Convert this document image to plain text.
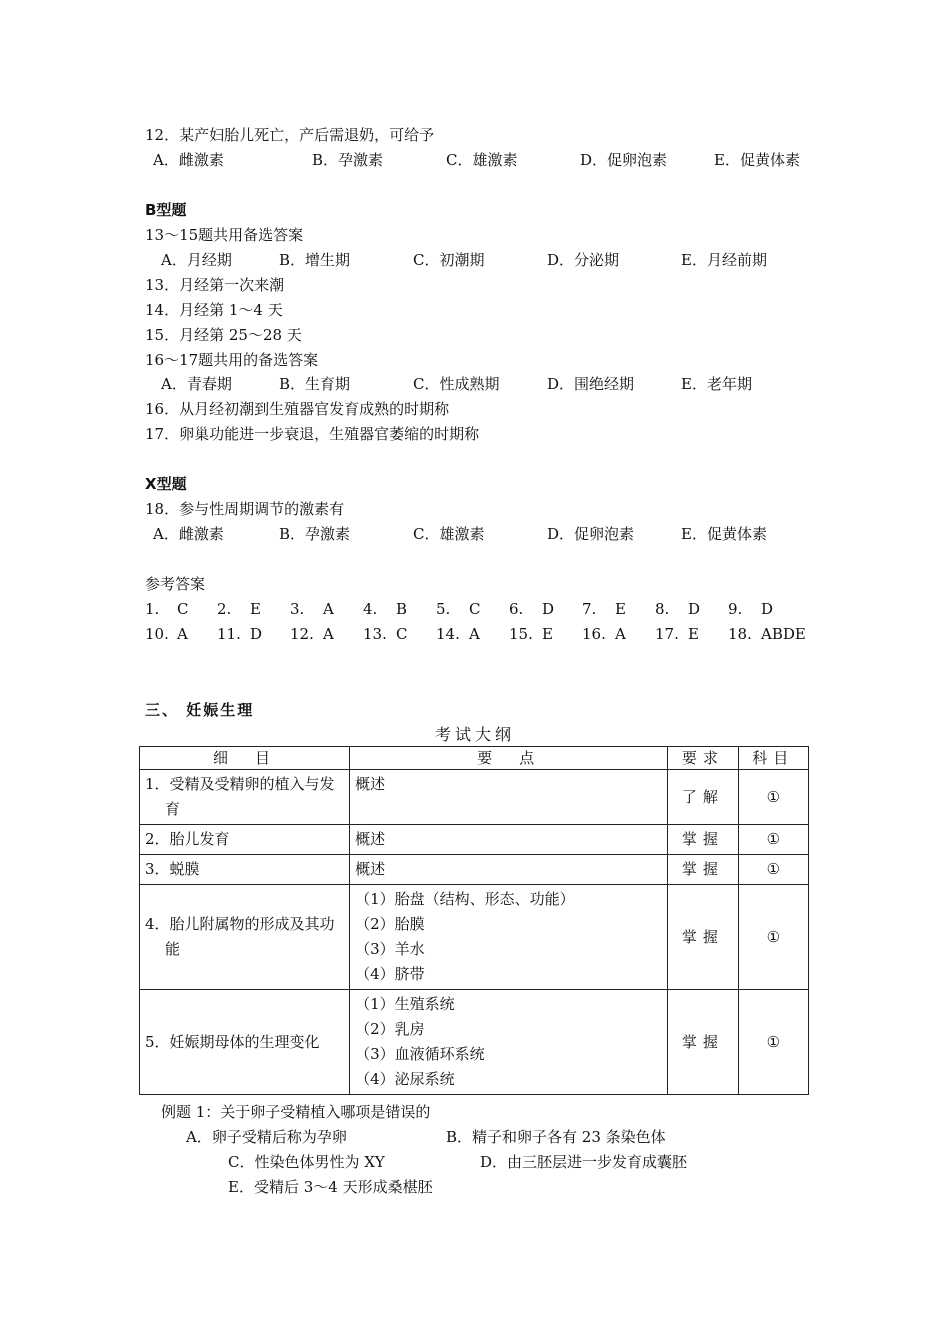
12．某产妇胎儿死亡，产后需退奶，可给予
A．雌激素	B．孕激素	C．雄激素	D．促卵泡素	E．促黄体素
B型题
13～15题共用备选答案
A．月经期	B．增生期	C．初潮期	D．分泌期	E．月经前期
13．月经第一次来潮
14．月经第 1～4 天
15．月经第 25～28 天
16～17题共用的备选答案
A．青春期	B．生育期	C．性成熟期	D．围绝经期	E．老年期
16．从月经初潮到生殖器官发育成熟的时期称
17．卵巢功能进一步衰退，生殖器官萎缩的时期称
X型题
18．参与性周期调节的激素有
A．雌激素	B．孕激素	C．雄激素	D．促卵泡素	E．促黄体素
参考答案
1. C 2. E 3. A 4. B 5. C 6. D 7. E 8. D 9. D
10. A 11. D 12. A 13. C 14. A 15. E 16. A 17. E 18. ABDE
三、 妊娠生理
考试大纲
细　目	要　点	要求	科目

1．受精及受精卵的植入与发育	概述	了解	①

2．胎儿发育	概述	掌握	①

3．蜕膜	概述	掌握	①

4．胎儿附属物的形成及其功能	（1）胎盘（结构、形态、功能）
（2）胎膜
（3）羊水
（4）脐带	掌握	①

5．妊娠期母体的生理变化	（1）生殖系统
（2）乳房
（3）血液循环系统
（4）泌尿系统	掌握	①
例题 1：关于卵子受精植入哪项是错误的
A．卵子受精后称为孕卵	B．精子和卵子各有 23 条染色体
C．性染色体男性为 XY	D．由三胚层进一步发育成囊胚
E．受精后 3～4 天形成桑椹胚
